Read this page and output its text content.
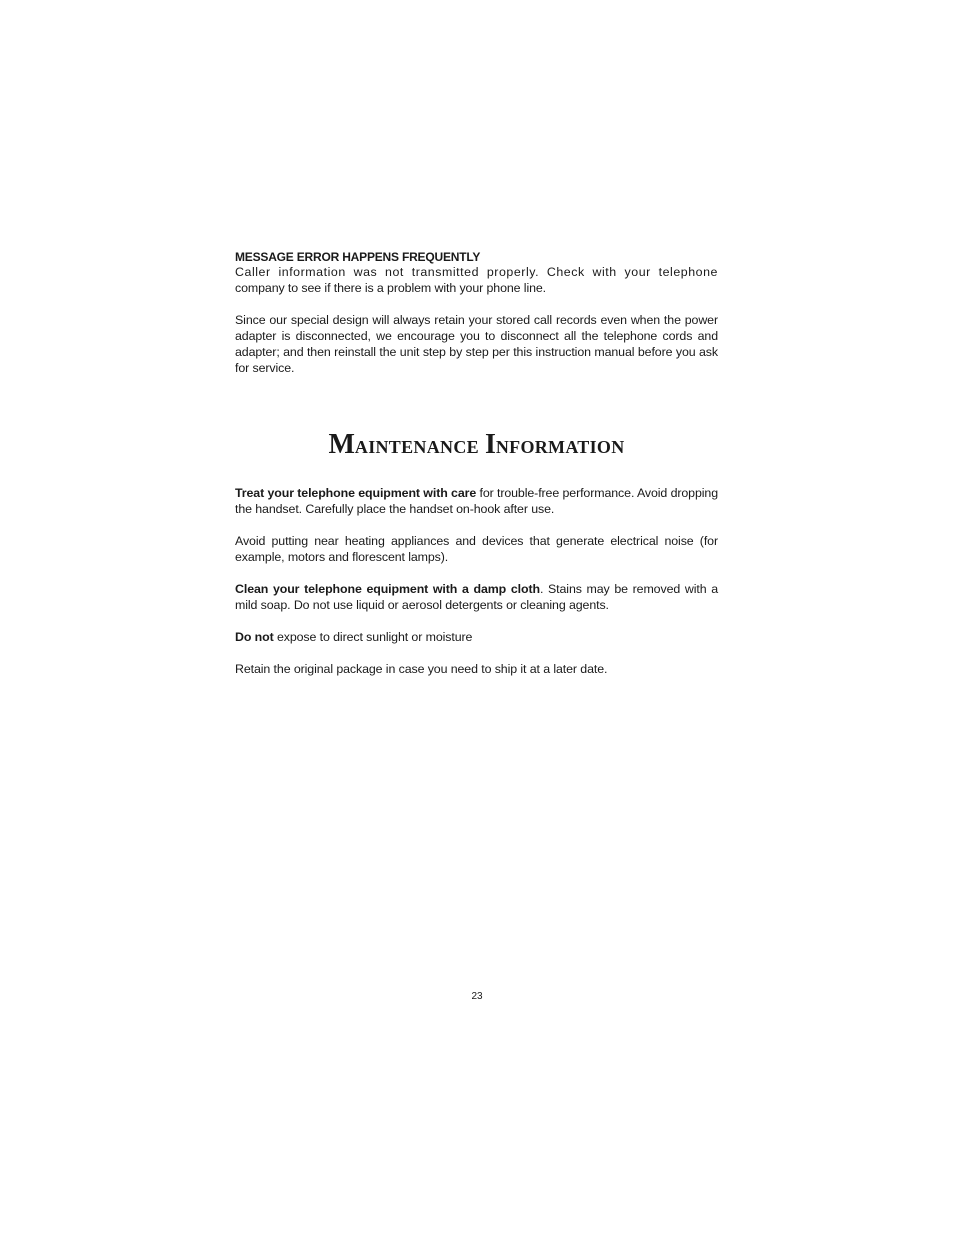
MESSAGE ERROR HAPPENS FREQUENTLY

Caller information was not transmitted properly. Check with your telephone

company to see if there is a problem with your phone line.

Since our special design will always retain your stored call records even when the power adapter is disconnected, we encourage you to disconnect all the telephone cords and adapter; and then reinstall the unit step by step per this instruction manual before you ask for service.

MAINTENANCE INFORMATION

Treat your telephone equipment with care for trouble-free performance. Avoid dropping the handset. Carefully place the handset on-hook after use.

Avoid putting near heating appliances and devices that generate electrical noise (for example, motors and florescent lamps).

Clean your telephone equipment with a damp cloth. Stains may be removed with a mild soap. Do not use liquid or aerosol detergents or cleaning agents.

Do not expose to direct sunlight or moisture

Retain the original package in case you need to ship it at a later date.

23
